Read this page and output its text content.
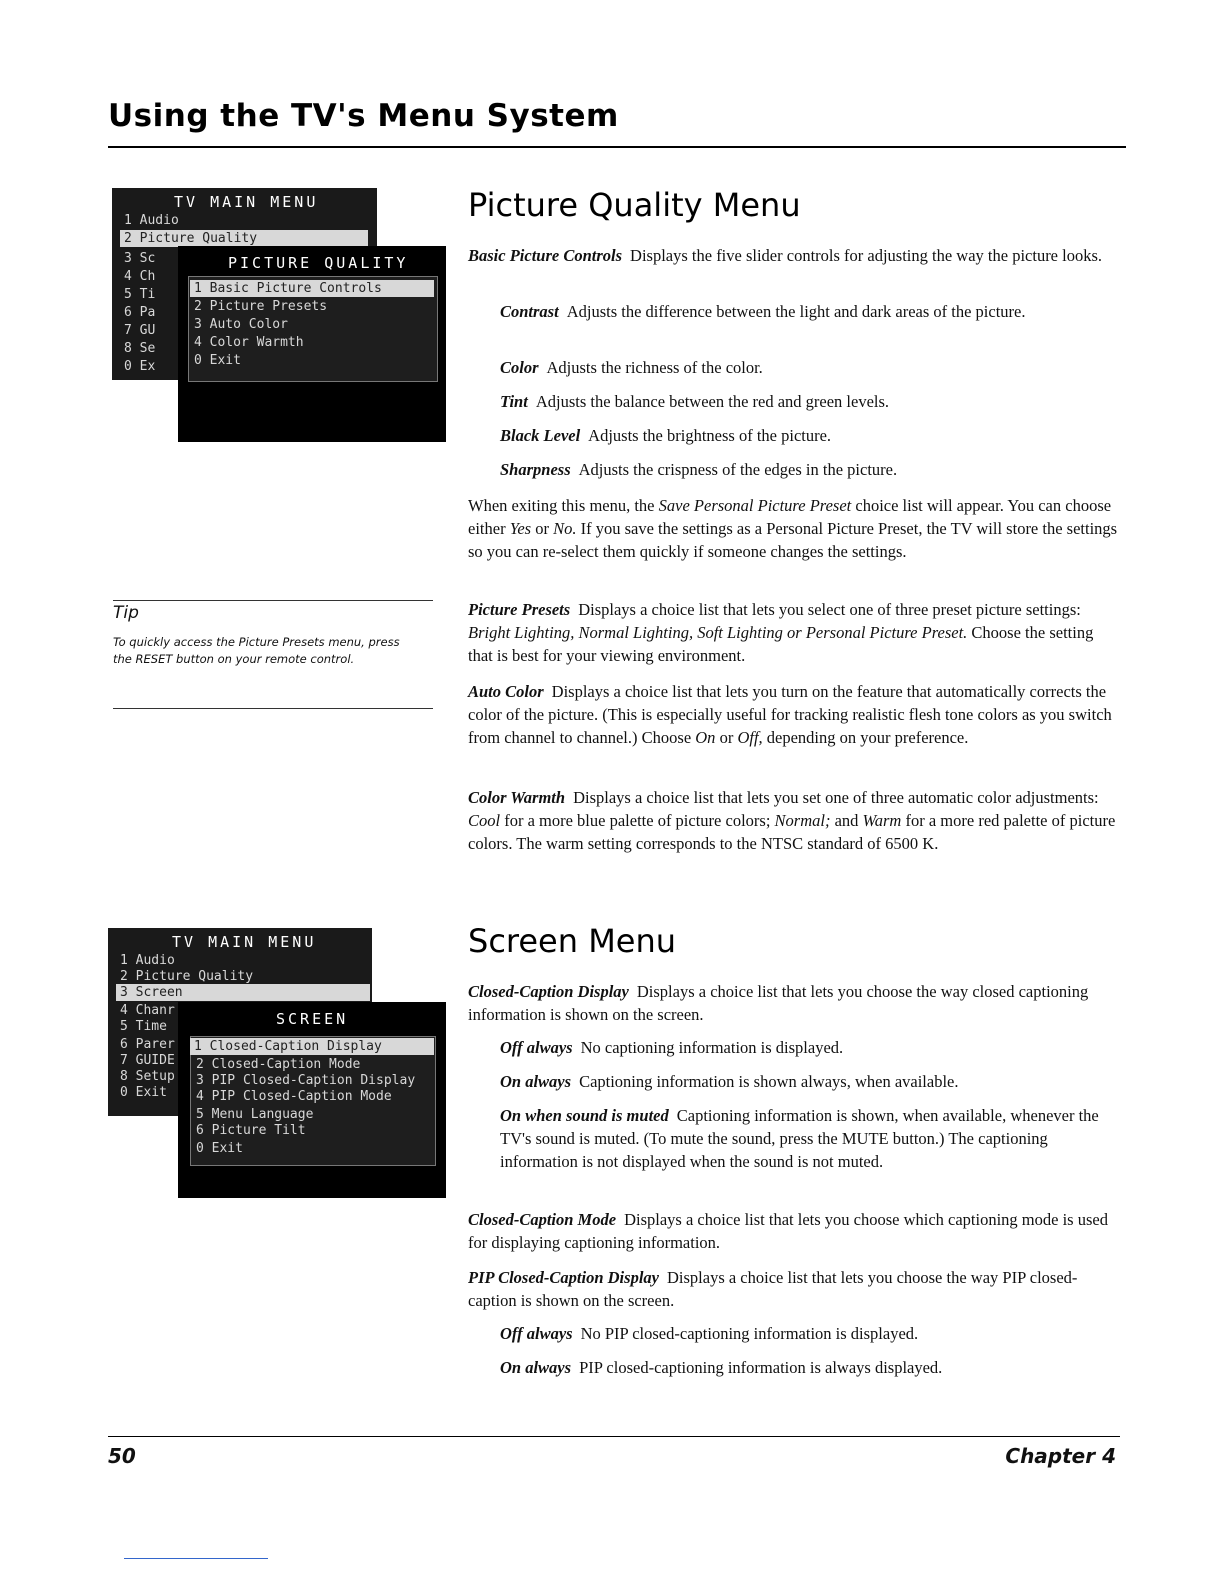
Using the TV's Menu System
TV MAIN MENU
1 Audio
2 Picture Quality
3 Sc
4 Ch
5 Ti
6 Pa
7 GU
8 Se
0 Ex
PICTURE QUALITY
1 Basic Picture Controls
2 Picture Presets
3 Auto Color
4 Color Warmth
0 Exit
Tip
To quickly access the Picture Presets menu, press the RESET button on your remote control.
TV MAIN MENU
1 Audio
2 Picture Quality
3 Screen
4 Chanr
5 Time
6 Parer
7 GUIDE
8 Setup
0 Exit
SCREEN
1 Closed-Caption Display
2 Closed-Caption Mode
3 PIP Closed-Caption Display
4 PIP Closed-Caption Mode
5 Menu Language
6 Picture Tilt
0 Exit
Picture Quality Menu
Basic Picture Controls Displays the five slider controls for adjusting the way the picture looks.
Contrast Adjusts the difference between the light and dark areas of the picture.
Color Adjusts the richness of the color.
Tint Adjusts the balance between the red and green levels.
Black Level Adjusts the brightness of the picture.
Sharpness Adjusts the crispness of the edges in the picture.
When exiting this menu, the Save Personal Picture Preset choice list will appear. You can choose either Yes or No. If you save the settings as a Personal Picture Preset, the TV will store the settings so you can re-select them quickly if someone changes the settings.
Picture Presets Displays a choice list that lets you select one of three preset picture settings: Bright Lighting, Normal Lighting, Soft Lighting or Personal Picture Preset. Choose the setting that is best for your viewing environment.
Auto Color Displays a choice list that lets you turn on the feature that automatically corrects the color of the picture. (This is especially useful for tracking realistic flesh tone colors as you switch from channel to channel.) Choose On or Off, depending on your preference.
Color Warmth Displays a choice list that lets you set one of three automatic color adjustments: Cool for a more blue palette of picture colors; Normal; and Warm for a more red palette of picture colors. The warm setting corresponds to the NTSC standard of 6500 K.
Screen Menu
Closed-Caption Display Displays a choice list that lets you choose the way closed captioning information is shown on the screen.
Off always No captioning information is displayed.
On always Captioning information is shown always, when available.
On when sound is muted Captioning information is shown, when available, whenever the TV's sound is muted. (To mute the sound, press the MUTE button.) The captioning information is not displayed when the sound is not muted.
Closed-Caption Mode Displays a choice list that lets you choose which captioning mode is used for displaying captioning information.
PIP Closed-Caption Display Displays a choice list that lets you choose the way PIP closed-caption is shown on the screen.
Off always No PIP closed-captioning information is displayed.
On always PIP closed-captioning information is always displayed.
50	Chapter 4
